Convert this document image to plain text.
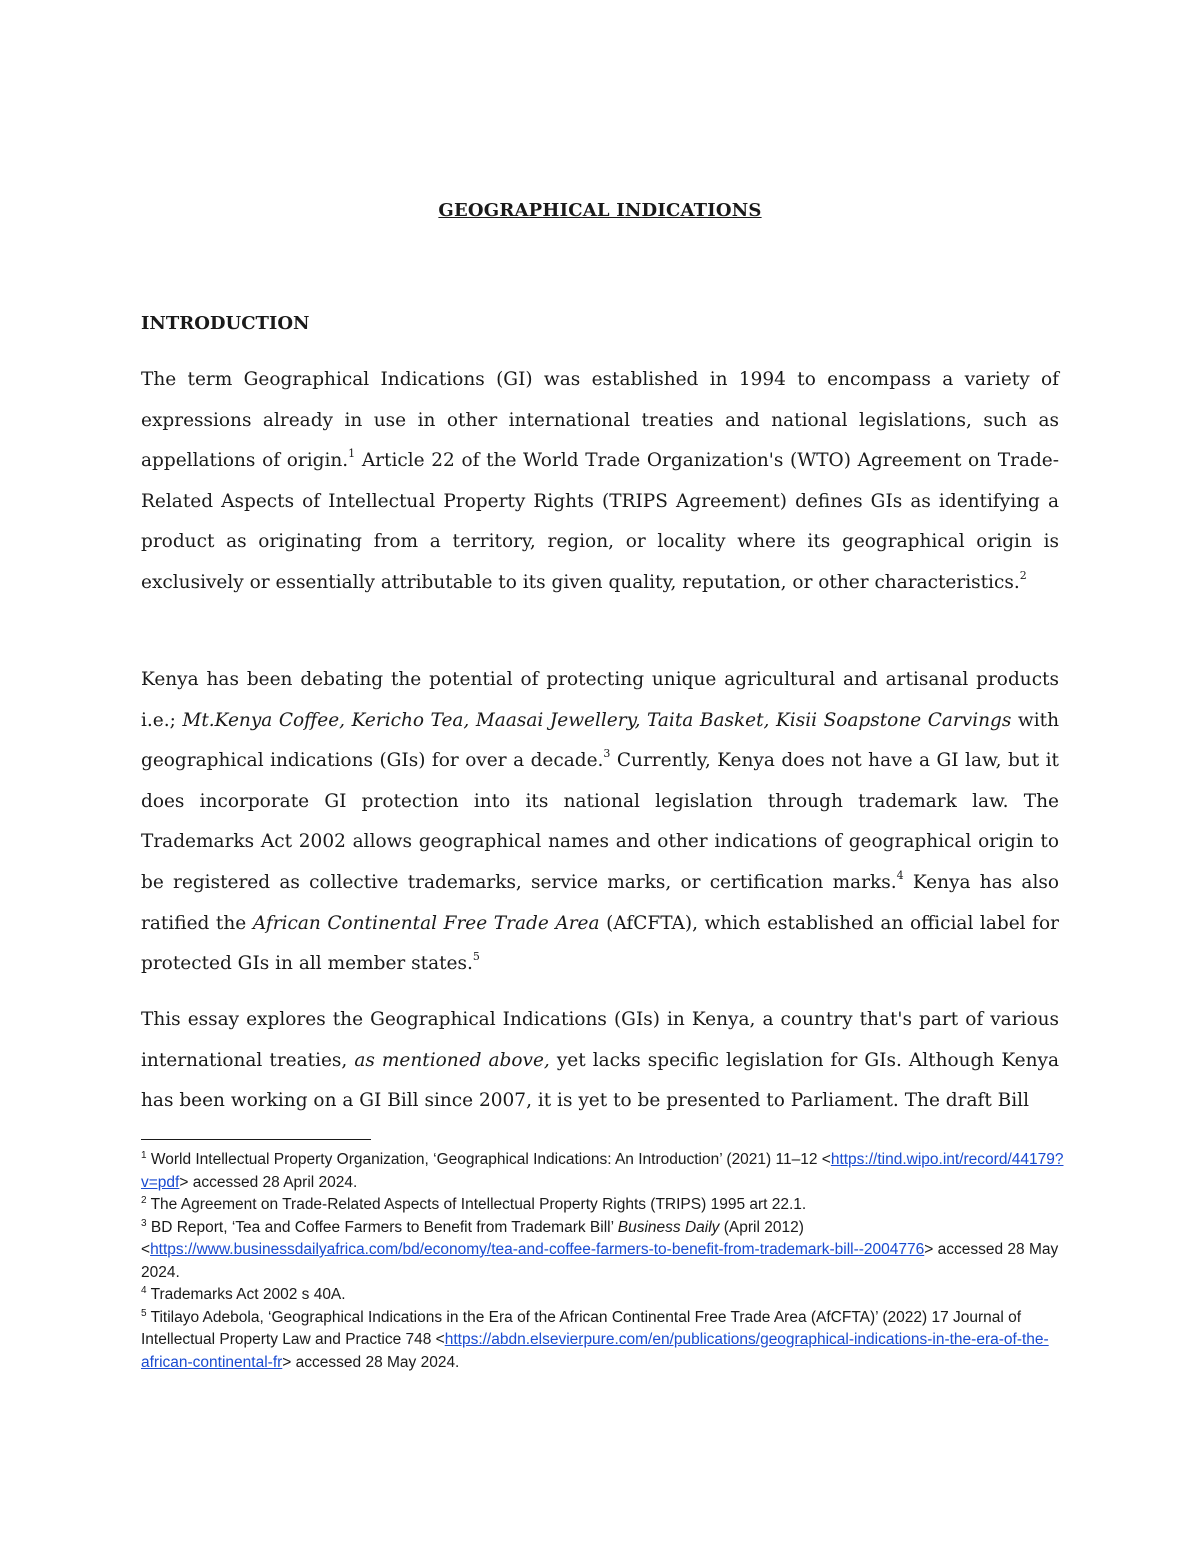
GEOGRAPHICAL INDICATIONS
INTRODUCTION

The term Geographical Indications (GI) was established in 1994 to encompass a variety of expressions already in use in other international treaties and national legislations, such as appellations of origin.$^1$ Article 22 of the World Trade Organization's (WTO) Agreement on Trade-Related Aspects of Intellectual Property Rights (TRIPS Agreement) defines GIs as identifying a product as originating from a territory, region, or locality where its geographical origin is exclusively or essentially attributable to its given quality, reputation, or other characteristics.$^2$

Kenya has been debating the potential of protecting unique agricultural and artisanal products i.e.; Mt.Kenya Coffee, Kericho Tea, Maasai Jewellery, Taita Basket, Kisii Soapstone Carvings with geographical indications (GIs) for over a decade.$^3$ Currently, Kenya does not have a GI law, but it does incorporate GI protection into its national legislation through trademark law. The Trademarks Act 2002 allows geographical names and other indications of geographical origin to be registered as collective trademarks, service marks, or certification marks.$^4$ Kenya has also ratified the African Continental Free Trade Area (AfCFTA), which established an official label for protected GIs in all member states.$^5$

This essay explores the Geographical Indications (GIs) in Kenya, a country that's part of various international treaties, as mentioned above, yet lacks specific legislation for GIs. Although Kenya has been working on a GI Bill since 2007, it is yet to be presented to Parliament. The draft Bill

$^1$ World Intellectual Property Organization, ‘Geographical Indications: An Introduction’ (2021) 11–12 <https://tind.wipo.int/record/44179?v=pdf> accessed 28 April 2024.

$^2$ The Agreement on Trade-Related Aspects of Intellectual Property Rights (TRIPS) 1995 art 22.1.

$^3$ BD Report, ‘Tea and Coffee Farmers to Benefit from Trademark Bill’ Business Daily (April 2012) <https://www.businessdailyafrica.com/bd/economy/tea-and-coffee-farmers-to-benefit-from-trademark-bill--2004776> accessed 28 May 2024.

$^4$ Trademarks Act 2002 s 40A.

$^5$ Titilayo Adebola, ‘Geographical Indications in the Era of the African Continental Free Trade Area (AfCFTA)’ (2022) 17 Journal of Intellectual Property Law and Practice 748 <https://abdn.elsevierpure.com/en/publications/geographical-indications-in-the-era-of-the-african-continental-fr> accessed 28 May 2024.
